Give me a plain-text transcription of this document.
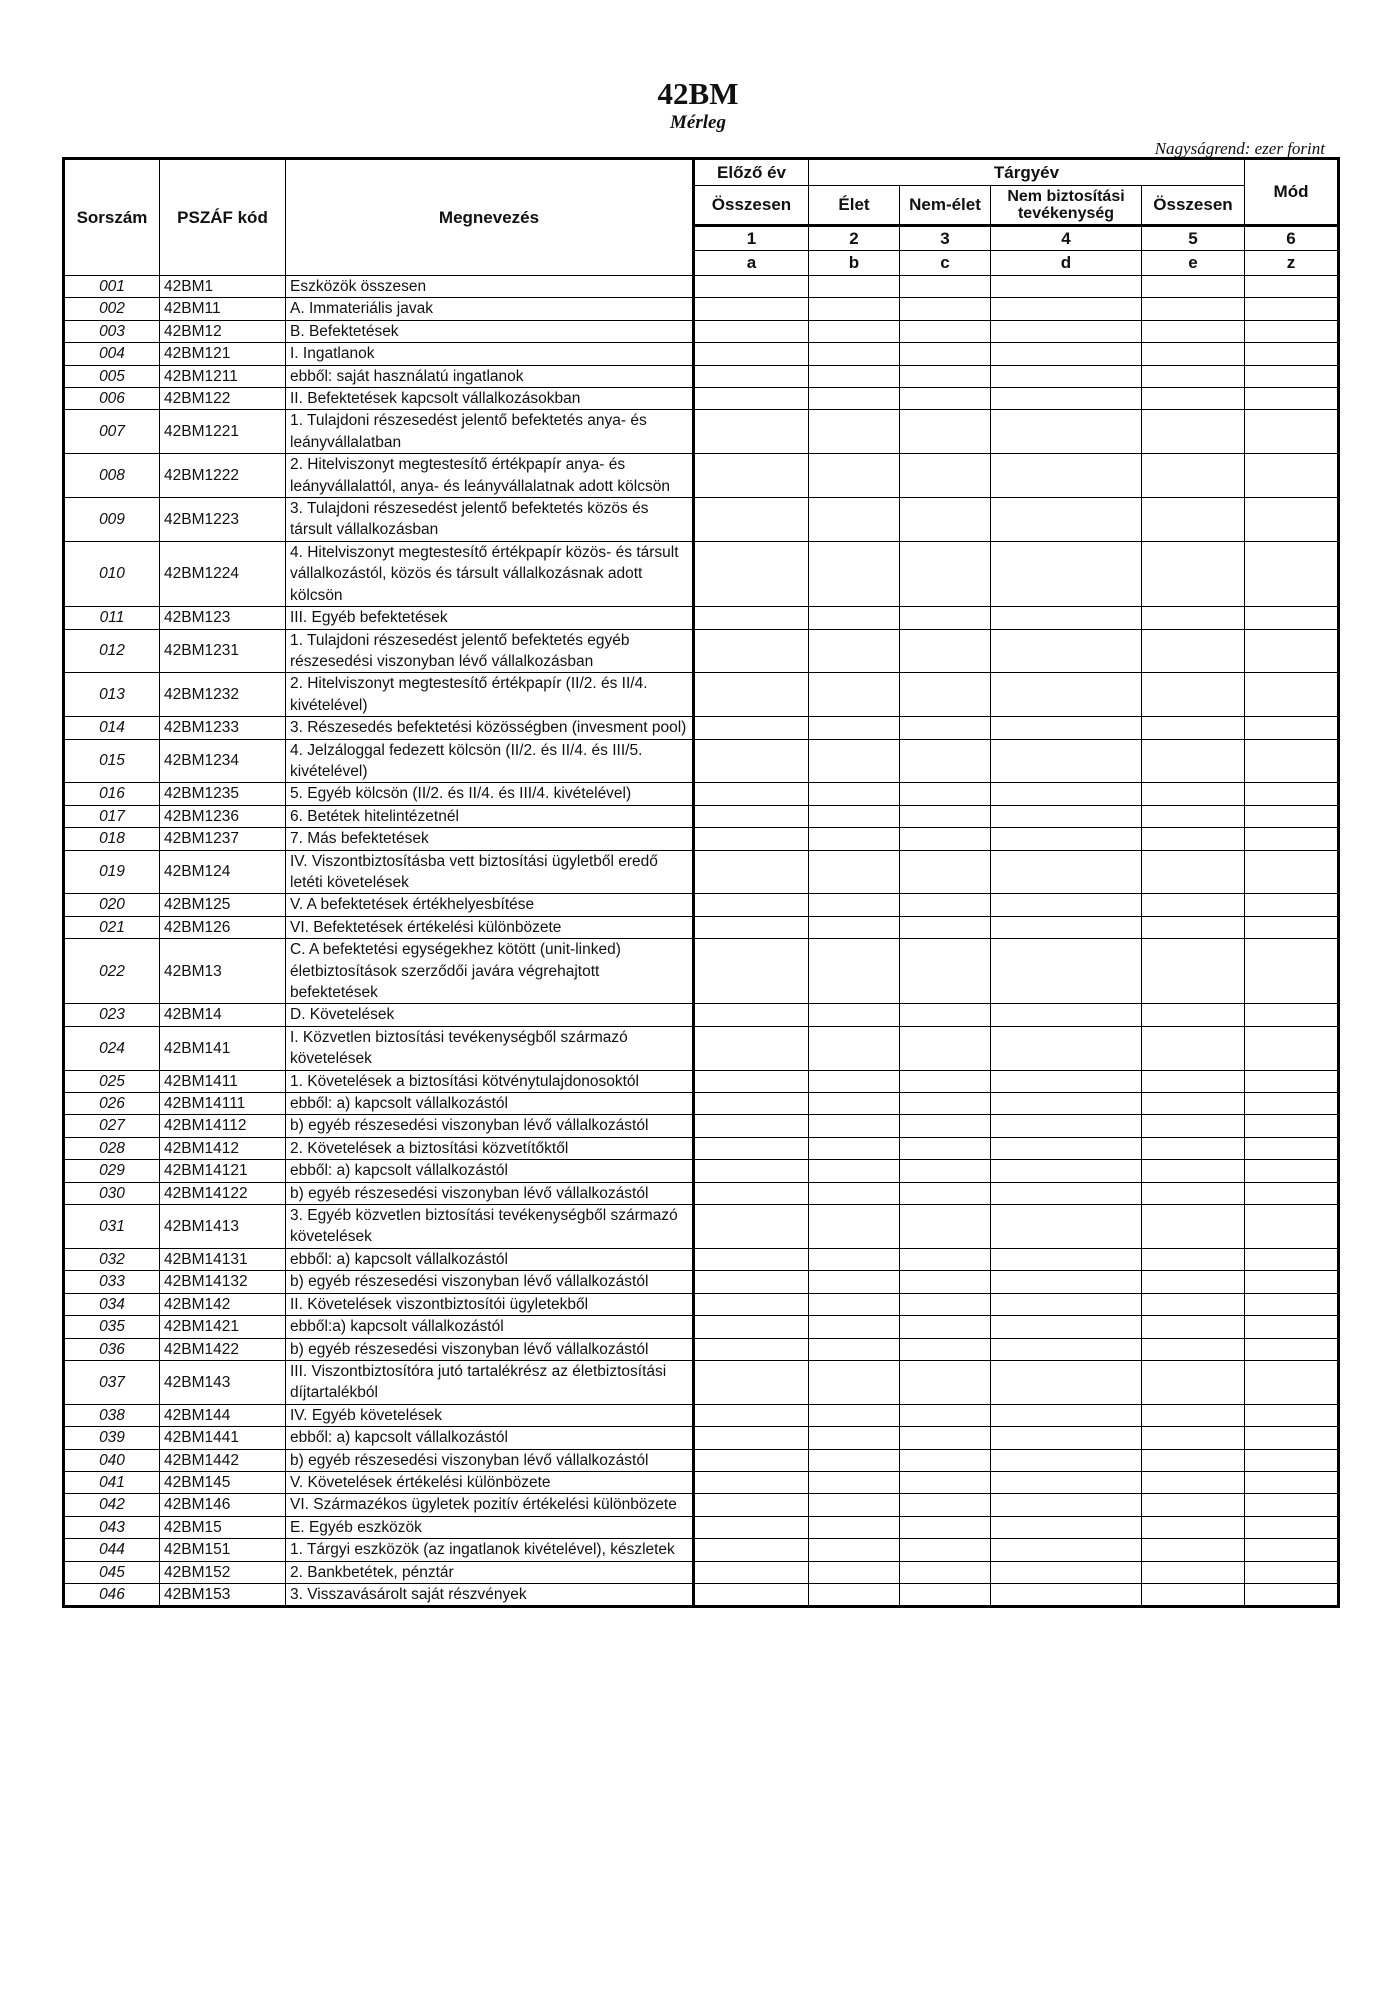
42BM
Mérleg
Nagyságrend: ezer forint
Sorszám	PSZÁF kód	Megnevezés	Előző év	Tárgyév				Mód
			Összesen	Élet	Nem-élet	Nem biztosítási tevékenység	Összesen	
			1	2	3	4	5	6
			a	b	c	d	e	z
001	42BM1	Eszközök összesen						
002	42BM11	A. Immateriális javak						
003	42BM12	B. Befektetések						
004	42BM121	I. Ingatlanok						
005	42BM1211	ebből: saját használatú ingatlanok						
006	42BM122	II. Befektetések kapcsolt vállalkozásokban						
007	42BM1221	1. Tulajdoni részesedést jelentő befektetés anya- és leányvállalatban						
008	42BM1222	2. Hitelviszonyt megtestesítő értékpapír anya- és leányvállalattól, anya- és leányvállalatnak adott kölcsön						
009	42BM1223	3. Tulajdoni részesedést jelentő befektetés közös és társult vállalkozásban						
010	42BM1224	4. Hitelviszonyt megtestesítő értékpapír közös- és társult vállalkozástól, közös és társult vállalkozásnak adott kölcsön						
011	42BM123	III. Egyéb befektetések						
012	42BM1231	1. Tulajdoni részesedést jelentő befektetés egyéb részesedési viszonyban lévő vállalkozásban						
013	42BM1232	2. Hitelviszonyt megtestesítő értékpapír (II/2. és II/4. kivételével)						
014	42BM1233	3. Részesedés befektetési közösségben (invesment pool)						
015	42BM1234	4. Jelzáloggal fedezett kölcsön (II/2. és II/4. és III/5. kivételével)						
016	42BM1235	5. Egyéb kölcsön (II/2. és II/4. és III/4. kivételével)						
017	42BM1236	6. Betétek hitelintézetnél						
018	42BM1237	7. Más befektetések						
019	42BM124	IV. Viszontbiztosításba vett biztosítási ügyletből eredő letéti követelések						
020	42BM125	V. A befektetések értékhelyesbítése						
021	42BM126	VI. Befektetések értékelési különbözete						
022	42BM13	C. A befektetési egységekhez kötött (unit-linked) életbiztosítások szerződői javára végrehajtott befektetések						
023	42BM14	D. Követelések						
024	42BM141	I. Közvetlen biztosítási tevékenységből származó követelések						
025	42BM1411	1. Követelések a biztosítási kötvénytulajdonosoktól						
026	42BM14111	ebből: a) kapcsolt vállalkozástól						
027	42BM14112	b) egyéb részesedési viszonyban lévő vállalkozástól						
028	42BM1412	2. Követelések a biztosítási közvetítőktől						
029	42BM14121	ebből: a) kapcsolt vállalkozástól						
030	42BM14122	b) egyéb részesedési viszonyban lévő vállalkozástól						
031	42BM1413	3. Egyéb közvetlen biztosítási tevékenységből származó követelések						
032	42BM14131	ebből: a) kapcsolt vállalkozástól						
033	42BM14132	b) egyéb részesedési viszonyban lévő vállalkozástól						
034	42BM142	II. Követelések viszontbiztosítói ügyletekből						
035	42BM1421	ebből:a) kapcsolt vállalkozástól						
036	42BM1422	b) egyéb részesedési viszonyban lévő vállalkozástól						
037	42BM143	III. Viszontbiztosítóra jutó tartalékrész az életbiztosítási díjtartalékból						
038	42BM144	IV. Egyéb követelések						
039	42BM1441	ebből: a) kapcsolt vállalkozástól						
040	42BM1442	b) egyéb részesedési viszonyban lévő vállalkozástól						
041	42BM145	V. Követelések értékelési különbözete						
042	42BM146	VI. Származékos ügyletek pozitív értékelési különbözete						
043	42BM15	E. Egyéb eszközök						
044	42BM151	1. Tárgyi eszközök (az ingatlanok kivételével), készletek						
045	42BM152	2. Bankbetétek, pénztár						
046	42BM153	3. Visszavásárolt saját részvények						
